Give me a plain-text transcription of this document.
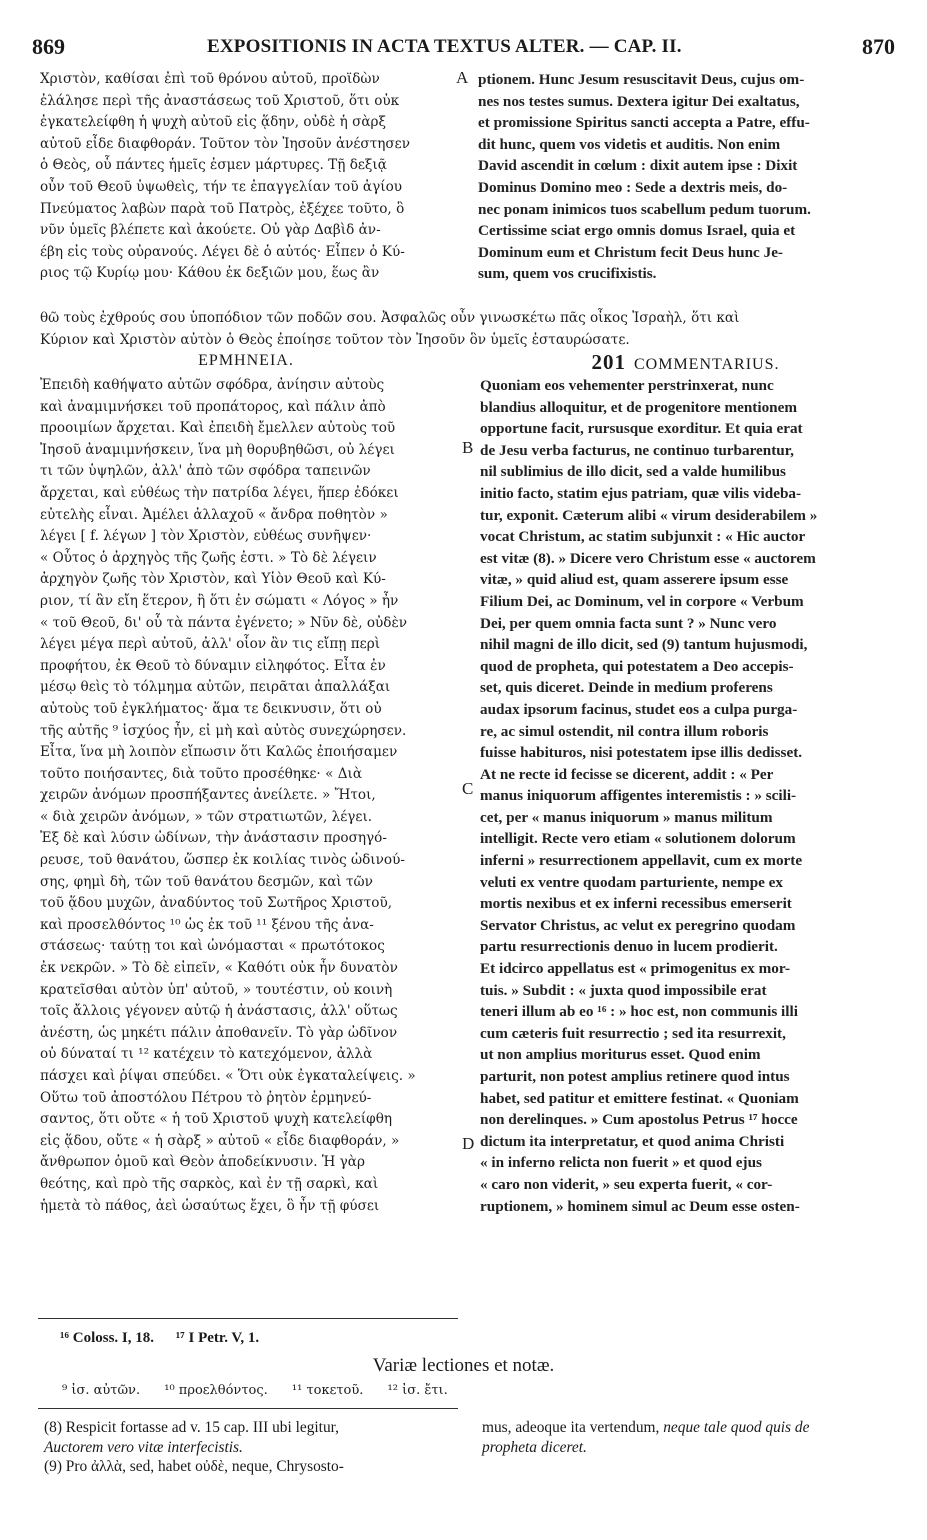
869	EXPOSITIONIS IN ACTA TEXTUS ALTER. — CAP. II.	870

Χριστὸν, καθίσαι ἐπὶ τοῦ θρόνου αὐτοῦ, προϊδὼν

ἐλάλησε περὶ τῆς ἀναστάσεως τοῦ Χριστοῦ, ὅτι οὐκ

ἐγκατελείφθη ἡ ψυχὴ αὐτοῦ εἰς ᾅδην, οὐδὲ ἡ σὰρξ

αὐτοῦ εἶδε διαφθοράν. Τοῦτον τὸν Ἰησοῦν ἀνέστησεν

ὁ Θεὸς, οὗ πάντες ἡμεῖς ἐσμεν μάρτυρες. Τῇ δεξιᾷ

οὖν τοῦ Θεοῦ ὑψωθεὶς, τήν τε ἐπαγγελίαν τοῦ ἁγίου

Πνεύματος λαβὼν παρὰ τοῦ Πατρὸς, ἐξέχεε τοῦτο, ὃ

νῦν ὑμεῖς βλέπετε καὶ ἀκούετε. Οὐ γὰρ Δαβὶδ ἀν-

έβη εἰς τοὺς οὐρανούς. Λέγει δὲ ὁ αὐτός· Εἶπεν ὁ Κύ-

ριος τῷ Κυρίῳ μου· Κάθου ἐκ δεξιῶν μου, ἕως ἂν

ptionem. Hunc Jesum resuscitavit Deus, cujus om-

nes nos testes sumus. Dextera igitur Dei exaltatus,

et promissione Spiritus sancti accepta a Patre, effu-

dit hunc, quem vos videtis et auditis. Non enim

David ascendit in cœlum : dixit autem ipse : Dixit

Dominus Domino meo : Sede a dextris meis, do-

nec ponam inimicos tuos scabellum pedum tuorum.

Certissime sciat ergo omnis domus Israel, quia et

Dominum eum et Christum fecit Deus hunc Je-

sum, quem vos crucifixistis.

θῶ τοὺς ἐχθρούς σου ὑποπόδιον τῶν ποδῶν σου. Ἀσφαλῶς οὖν γινωσκέτω πᾶς οἶκος Ἰσραὴλ, ὅτι καὶ

Κύριον καὶ Χριστὸν αὐτὸν ὁ Θεὸς ἐποίησε τοῦτον τὸν Ἰησοῦν ὃν ὑμεῖς ἐσταυρώσατε.

ΕΡΜΗΝΕΙΑ.	201 COMMENTARIUS.

Ἐπειδὴ καθήψατο αὐτῶν σφόδρα, ἀνίησιν αὐτοὺς

καὶ ἀναμιμνήσκει τοῦ προπάτορος, καὶ πάλιν ἀπὸ

προοιμίων ἄρχεται. Καὶ ἐπειδὴ ἔμελλεν αὐτοὺς τοῦ

Ἰησοῦ ἀναμιμνήσκειν, ἵνα μὴ θορυβηθῶσι, οὐ λέγει

τι τῶν ὑψηλῶν, ἀλλ' ἀπὸ τῶν σφόδρα ταπεινῶν

ἄρχεται, καὶ εὐθέως τὴν πατρίδα λέγει, ἥπερ ἐδόκει

εὐτελὴς εἶναι. Ἀμέλει ἀλλαχοῦ « ἄνδρα ποθητὸν »

λέγει [ f. λέγων ] τὸν Χριστὸν, εὐθέως συνῆψεν·

« Οὗτος ὁ ἀρχηγὸς τῆς ζωῆς ἐστι. » Τὸ δὲ λέγειν

ἀρχηγὸν ζωῆς τὸν Χριστὸν, καὶ Υἱὸν Θεοῦ καὶ Κύ-

ριον, τί ἂν εἴη ἕτερον, ἢ ὅτι ἐν σώματι « Λόγος » ἦν

« τοῦ Θεοῦ, δι' οὗ τὰ πάντα ἐγένετο; » Νῦν δὲ, οὐδὲν

λέγει μέγα περὶ αὐτοῦ, ἀλλ' οἷον ἂν τις εἴπῃ περὶ

προφήτου, ἐκ Θεοῦ τὸ δύναμιν εἰληφότος. Εἶτα ἐν

μέσῳ θεὶς τὸ τόλμημα αὐτῶν, πειρᾶται ἀπαλλάξαι

αὐτοὺς τοῦ ἐγκλήματος· ἅμα τε δεικνυσιν, ὅτι οὐ

τῆς αὐτῆς ⁹ ἰσχύος ἦν, εἰ μὴ καὶ αὐτὸς συνεχώρησεν.

Εἶτα, ἵνα μὴ λοιπὸν εἴπωσιν ὅτι Καλῶς ἐποιήσαμεν

τοῦτο ποιήσαντες, διὰ τοῦτο προσέθηκε· « Διὰ

χειρῶν ἀνόμων προσπήξαντες ἀνείλετε. » Ἤτοι,

« διὰ χειρῶν ἀνόμων, » τῶν στρατιωτῶν, λέγει.

Ἐξ δὲ καὶ λύσιν ὠδίνων, τὴν ἀνάστασιν προσηγό-

ρευσε, τοῦ θανάτου, ὥσπερ ἐκ κοιλίας τινὸς ὠδινού-

σης, φημὶ δὴ, τῶν τοῦ θανάτου δεσμῶν, καὶ τῶν

τοῦ ᾅδου μυχῶν, ἀναδύντος τοῦ Σωτῆρος Χριστοῦ,

καὶ προσελθόντος ¹⁰ ὡς ἐκ τοῦ ¹¹ ξένου τῆς ἀνα-

στάσεως· ταύτῃ τοι καὶ ὠνόμασται « πρωτότοκος

ἐκ νεκρῶν. » Τὸ δὲ εἰπεῖν, « Καθότι οὐκ ἦν δυνατὸν

κρατεῖσθαι αὐτὸν ὑπ' αὐτοῦ, » τουτέστιν, οὐ κοινὴ

τοῖς ἄλλοις γέγονεν αὐτῷ ἡ ἀνάστασις, ἀλλ' οὕτως

ἀνέστη, ὡς μηκέτι πάλιν ἀποθανεῖν. Τὸ γὰρ ὠδῖνον

οὐ δύναταί τι ¹² κατέχειν τὸ κατεχόμενον, ἀλλὰ

πάσχει καὶ ῥίψαι σπεύδει. « Ὅτι οὐκ ἐγκαταλείψεις. »

Οὕτω τοῦ ἀποστόλου Πέτρου τὸ ῥητὸν ἑρμηνεύ-

σαντος, ὅτι οὔτε « ἡ τοῦ Χριστοῦ ψυχὴ κατελείφθη

εἰς ᾅδου, οὔτε « ἡ σὰρξ » αὐτοῦ « εἶδε διαφθοράν, »

ἄνθρωπον ὁμοῦ καὶ Θεὸν ἀποδείκνυσιν. Ἡ γὰρ

θεότης, καὶ πρὸ τῆς σαρκὸς, καὶ ἐν τῇ σαρκὶ, καὶ

ἡμετὰ τὸ πάθος, ἀεὶ ὡσαύτως ἔχει, ὃ ἦν τῇ φύσει

Quoniam eos vehementer perstrinxerat, nunc

blandius alloquitur, et de progenitore mentionem

opportune facit, rursusque exorditur. Et quia erat

de Jesu verba facturus, ne continuo turbarentur,

nil sublimius de illo dicit, sed a valde humilibus

initio facto, statim ejus patriam, quæ vilis videba-

tur, exponit. Cæterum alibi « virum desiderabilem »

vocat Christum, ac statim subjunxit : « Hic auctor

est vitæ (8). » Dicere vero Christum esse « auctorem

vitæ, » quid aliud est, quam asserere ipsum esse

Filium Dei, ac Dominum, vel in corpore « Verbum

Dei, per quem omnia facta sunt ? » Nunc vero

nihil magni de illo dicit, sed (9) tantum hujusmodi,

quod de propheta, qui potestatem a Deo accepis-

set, quis diceret. Deinde in medium proferens

audax ipsorum facinus, studet eos a culpa purga-

re, ac simul ostendit, nil contra illum roboris

fuisse habituros, nisi potestatem ipse illis dedisset.

At ne recte id fecisse se dicerent, addit : « Per

manus iniquorum affigentes interemistis : » scili-

cet, per « manus iniquorum » manus militum

intelligit. Recte vero etiam « solutionem dolorum

inferni » resurrectionem appellavit, cum ex morte

veluti ex ventre quodam parturiente, nempe ex

mortis nexibus et ex inferni recessibus emerserit

Servator Christus, ac velut ex peregrino quodam

partu resurrectionis denuo in lucem prodierit.

Et idcirco appellatus est « primogenitus ex mor-

tuis. » Subdit : « juxta quod impossibile erat

teneri illum ab eo ¹⁶ : » hoc est, non communis illi

cum cæteris fuit resurrectio ; sed ita resurrexit,

ut non amplius moriturus esset. Quod enim

parturit, non potest amplius retinere quod intus

habet, sed patitur et emittere festinat. « Quoniam

non derelinques. » Cum apostolus Petrus ¹⁷ hocce

dictum ita interpretatur, et quod anima Christi

« in inferno relicta non fuerit » et quod ejus

« caro non viderit, » seu experta fuerit, « cor-

ruptionem, » hominem simul ac Deum esse osten-

A
B
C
D
¹⁶ Coloss. I, 18. ¹⁷ I Petr. V, 1.
Variæ lectiones et notæ.
⁹ ἰσ. αὐτῶν. ¹⁰ προελθόντος. ¹¹ τοκετοῦ. ¹² ἰσ. ἔτι.
(8) Respicit fortasse ad v. 15 cap. III ubi legitur,
Auctorem vero vitæ interfecistis.
(9) Pro ἀλλὰ, sed, habet οὐδὲ, neque, Chrysosto-
mus, adeoque ita vertendum, neque tale quod quis de
propheta diceret.
